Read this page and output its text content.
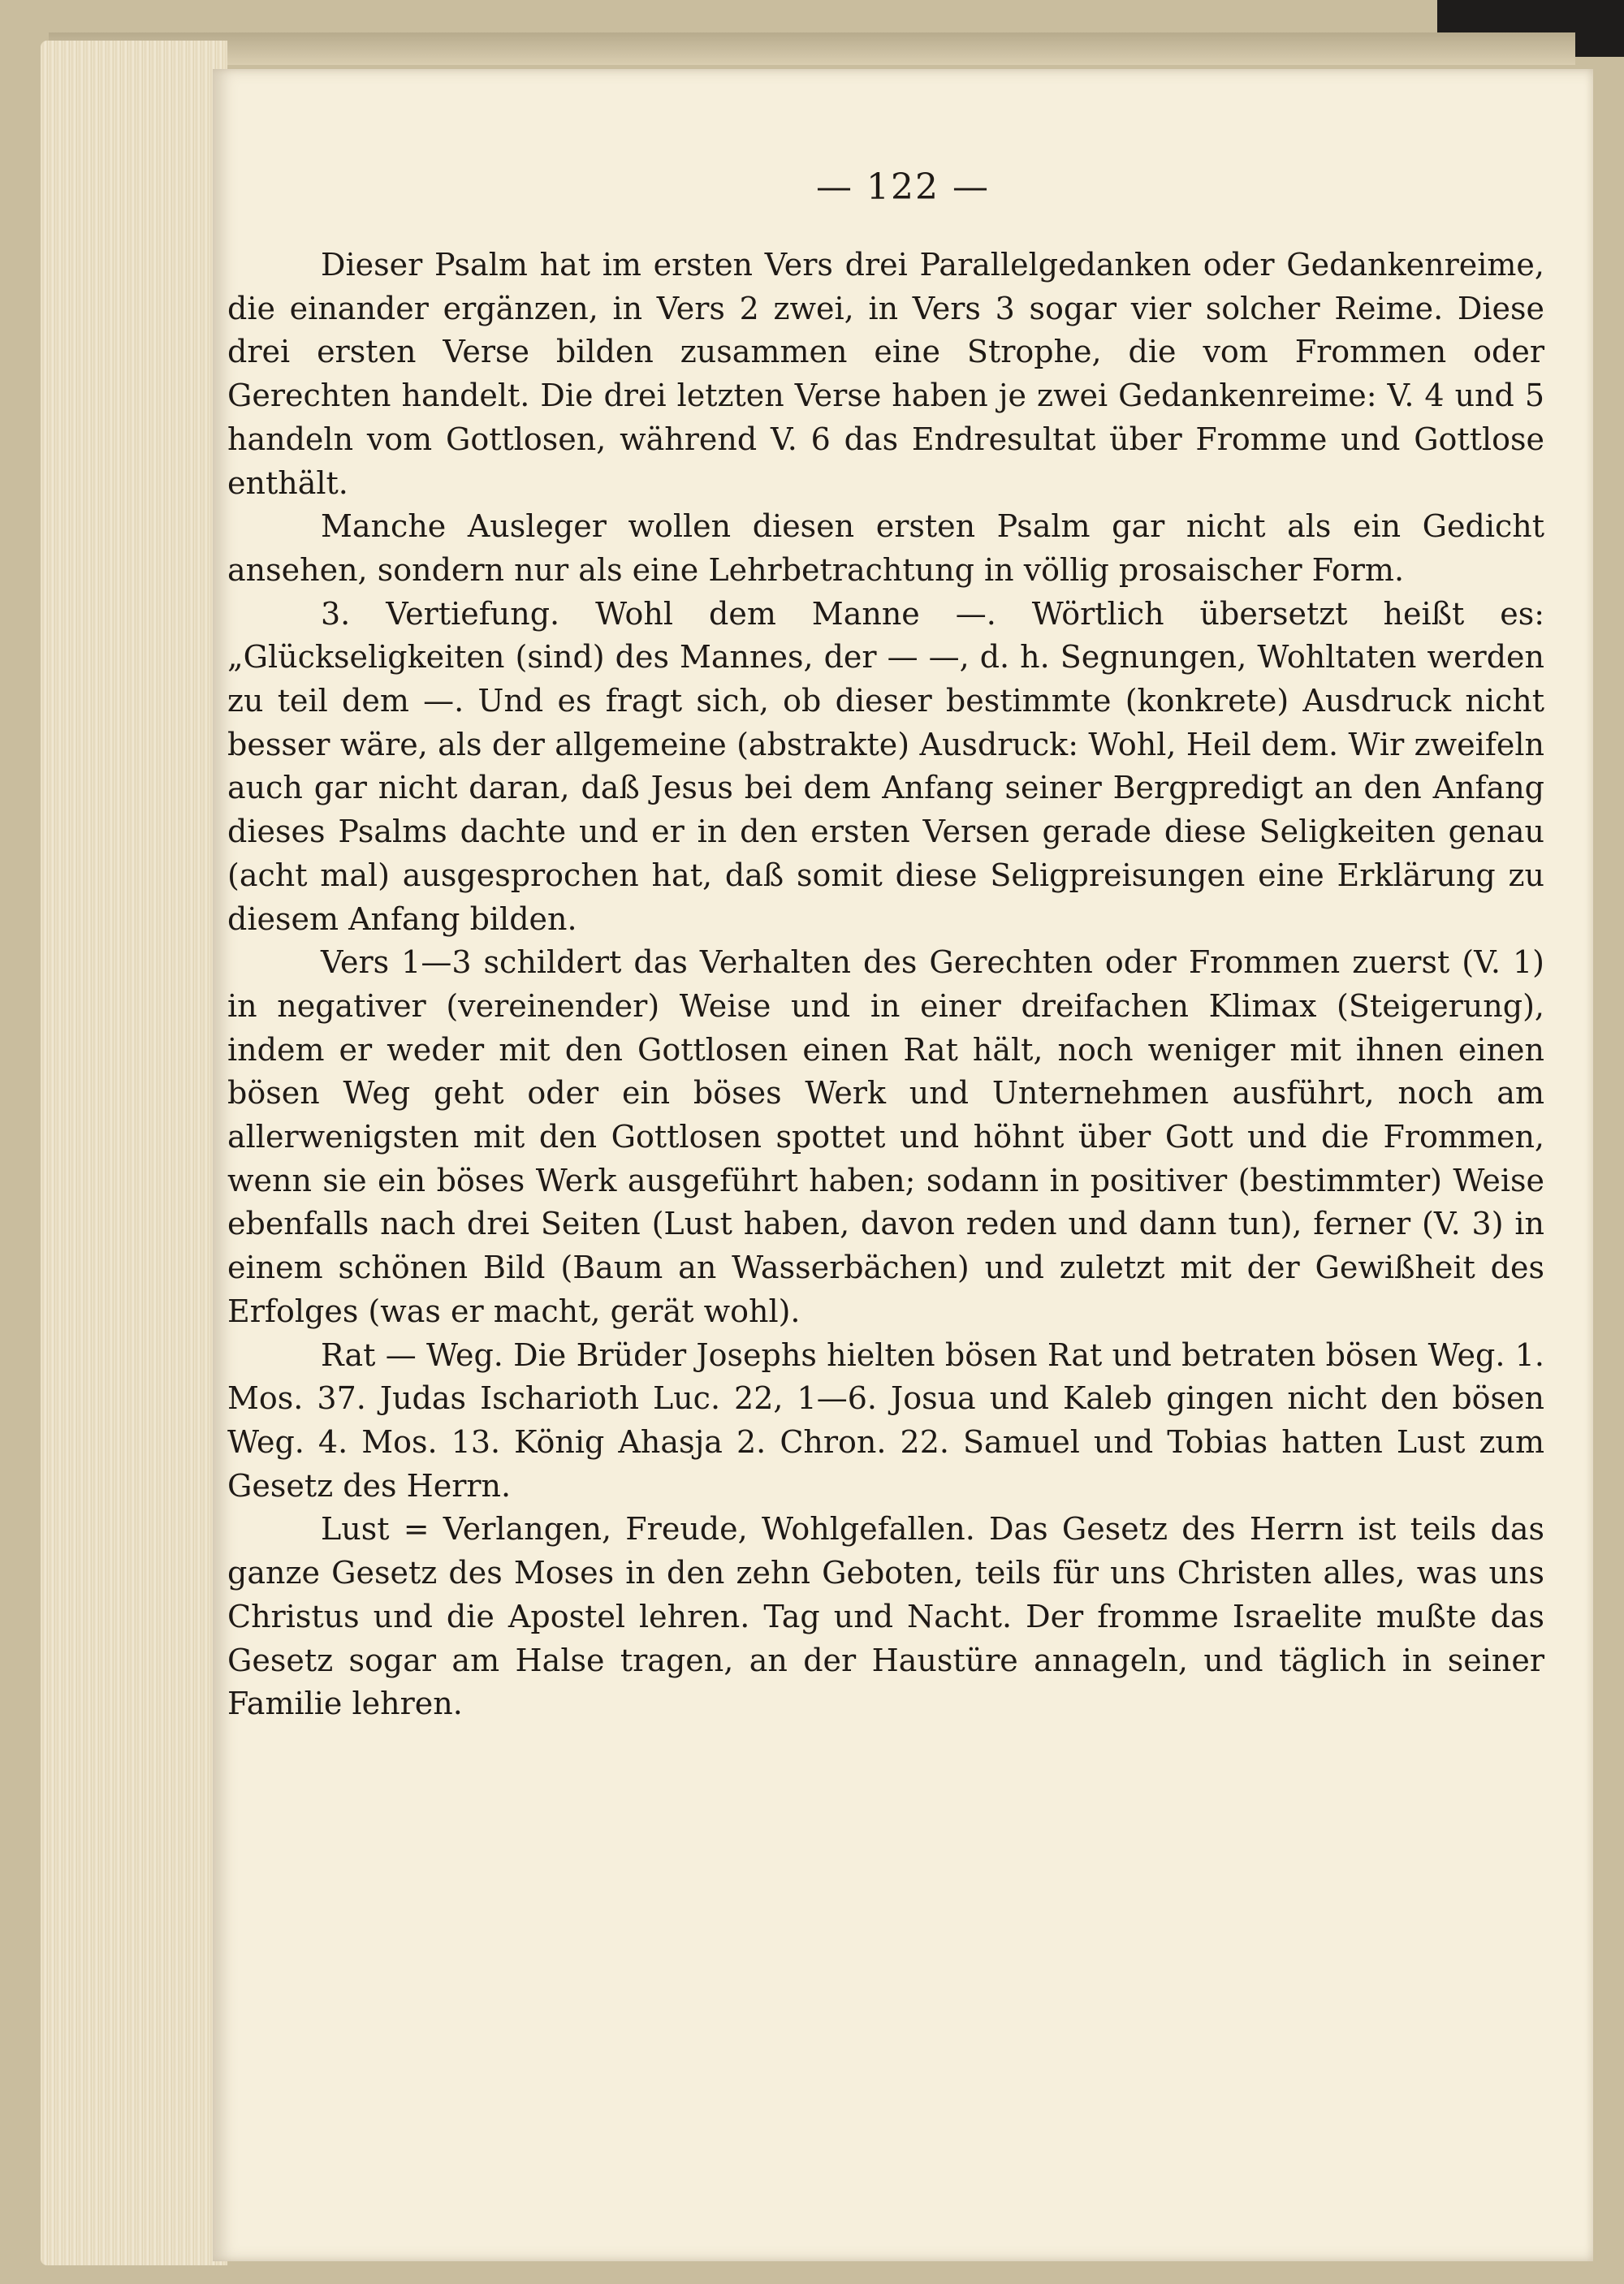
— 122 —

Dieser Psalm hat im ersten Vers drei Parallelgedanken oder Gedankenreime, die einander ergänzen, in Vers 2 zwei, in Vers 3 sogar vier solcher Reime. Diese drei ersten Verse bilden zusammen eine Strophe, die vom Frommen oder Gerechten handelt. Die drei letzten Verse haben je zwei Gedankenreime: V. 4 und 5 handeln vom Gottlosen, während V. 6 das Endresultat über Fromme und Gottlose enthält.

Manche Ausleger wollen diesen ersten Psalm gar nicht als ein Gedicht ansehen, sondern nur als eine Lehrbetrachtung in völlig prosaischer Form.

3. Vertiefung. Wohl dem Manne —. Wörtlich übersetzt heißt es: „Glückseligkeiten (sind) des Mannes, der — —, d. h. Segnungen, Wohltaten werden zu teil dem —. Und es fragt sich, ob dieser bestimmte (konkrete) Ausdruck nicht besser wäre, als der allgemeine (abstrakte) Ausdruck: Wohl, Heil dem. Wir zweifeln auch gar nicht daran, daß Jesus bei dem Anfang seiner Bergpredigt an den Anfang dieses Psalms dachte und er in den ersten Versen gerade diese Seligkeiten genau (acht mal) ausgesprochen hat, daß somit diese Seligpreisungen eine Erklärung zu diesem Anfang bilden.

Vers 1—3 schildert das Verhalten des Gerechten oder Frommen zuerst (V. 1) in negativer (vereinender) Weise und in einer dreifachen Klimax (Steigerung), indem er weder mit den Gottlosen einen Rat hält, noch weniger mit ihnen einen bösen Weg geht oder ein böses Werk und Unternehmen ausführt, noch am allerwenigsten mit den Gottlosen spottet und höhnt über Gott und die Frommen, wenn sie ein böses Werk ausgeführt haben; sodann in positiver (bestimmter) Weise ebenfalls nach drei Seiten (Lust haben, davon reden und dann tun), ferner (V. 3) in einem schönen Bild (Baum an Wasserbächen) und zuletzt mit der Gewißheit des Erfolges (was er macht, gerät wohl).

Rat — Weg. Die Brüder Josephs hielten bösen Rat und betraten bösen Weg. 1. Mos. 37. Judas Ischarioth Luc. 22, 1—6. Josua und Kaleb gingen nicht den bösen Weg. 4. Mos. 13. König Ahasja 2. Chron. 22. Samuel und Tobias hatten Lust zum Gesetz des Herrn.

Lust = Verlangen, Freude, Wohlgefallen. Das Gesetz des Herrn ist teils das ganze Gesetz des Moses in den zehn Geboten, teils für uns Christen alles, was uns Christus und die Apostel lehren. Tag und Nacht. Der fromme Israelite mußte das Gesetz sogar am Halse tragen, an der Haustüre annageln, und täglich in seiner Familie lehren.
